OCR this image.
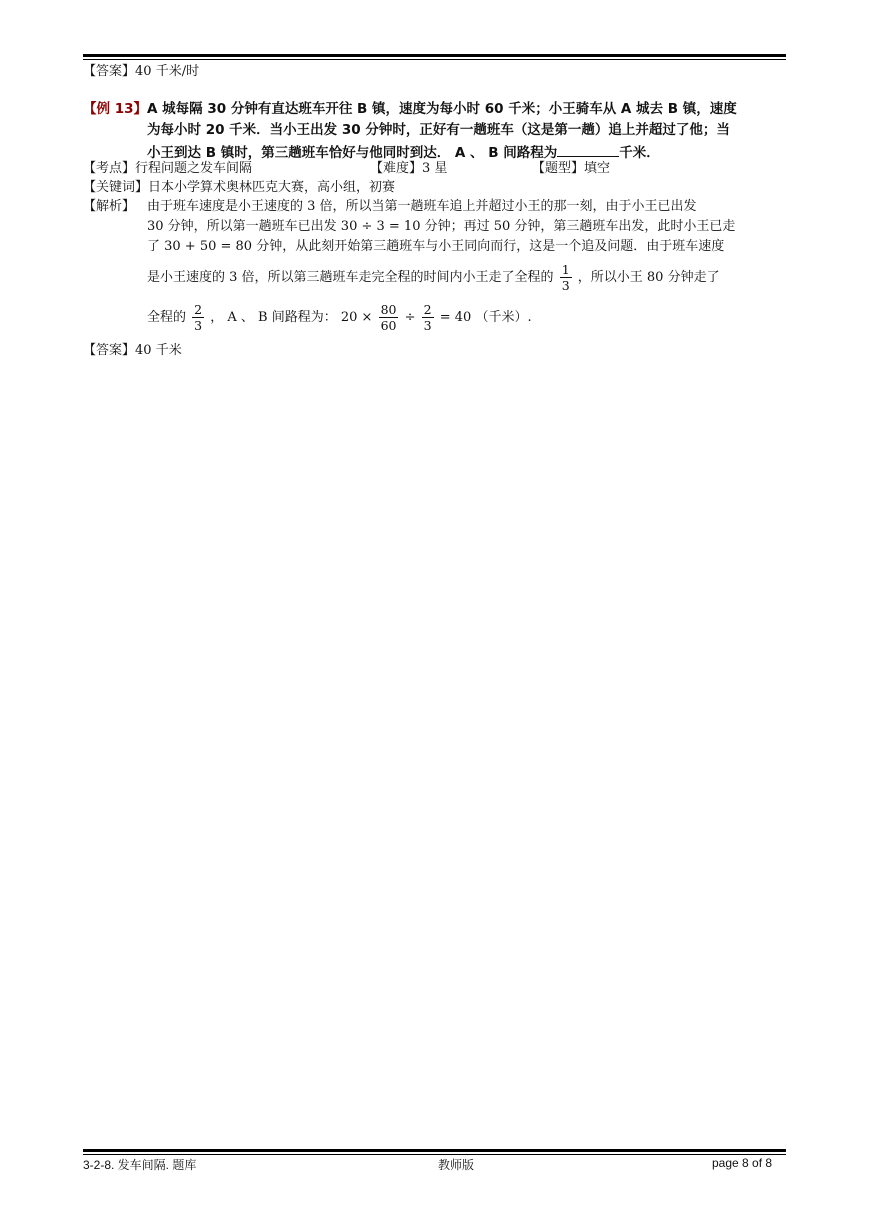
【答案】40 千米/时
【例 13】 A 城每隔 30 分钟有直达班车开往 B 镇，速度为每小时 60 千米；小王骑车从 A 城去 B 镇，速度
为每小时 20 千米．当小王出发 30 分钟时，正好有一趟班车（这是第一趟）追上并超过了他；当
小王到达 B 镇时，第三趟班车恰好与他同时到达． A 、 B 间路程为	千米．
【考点】行程问题之发车间隔	【难度】3 星	【题型】填空
【关键词】日本小学算术奥林匹克大赛，高小组，初赛
【解析】 由于班车速度是小王速度的 3 倍，所以当第一趟班车追上并超过小王的那一刻，由于小王已出发
30 分钟，所以第一趟班车已出发 30 ÷ 3 = 10 分钟；再过 50 分钟，第三趟班车出发，此时小王已走
了 30 + 50 = 80 分钟，从此刻开始第三趟班车与小王同向而行，这是一个追及问题．由于班车速度
是小王速度的 3 倍，所以第三趟班车走完全程的时间内小王走了全程的 $\frac{1}{3}$ ，所以小王 80 分钟走了
全程的 $\frac{2}{3}$ ， A 、 B 间路程为： $20 \times \frac{80}{60} \div \frac{2}{3} = 40$ （千米）.
【答案】40 千米
3-2-8. 发车间隔. 题库	教师版	page 8 of 8
